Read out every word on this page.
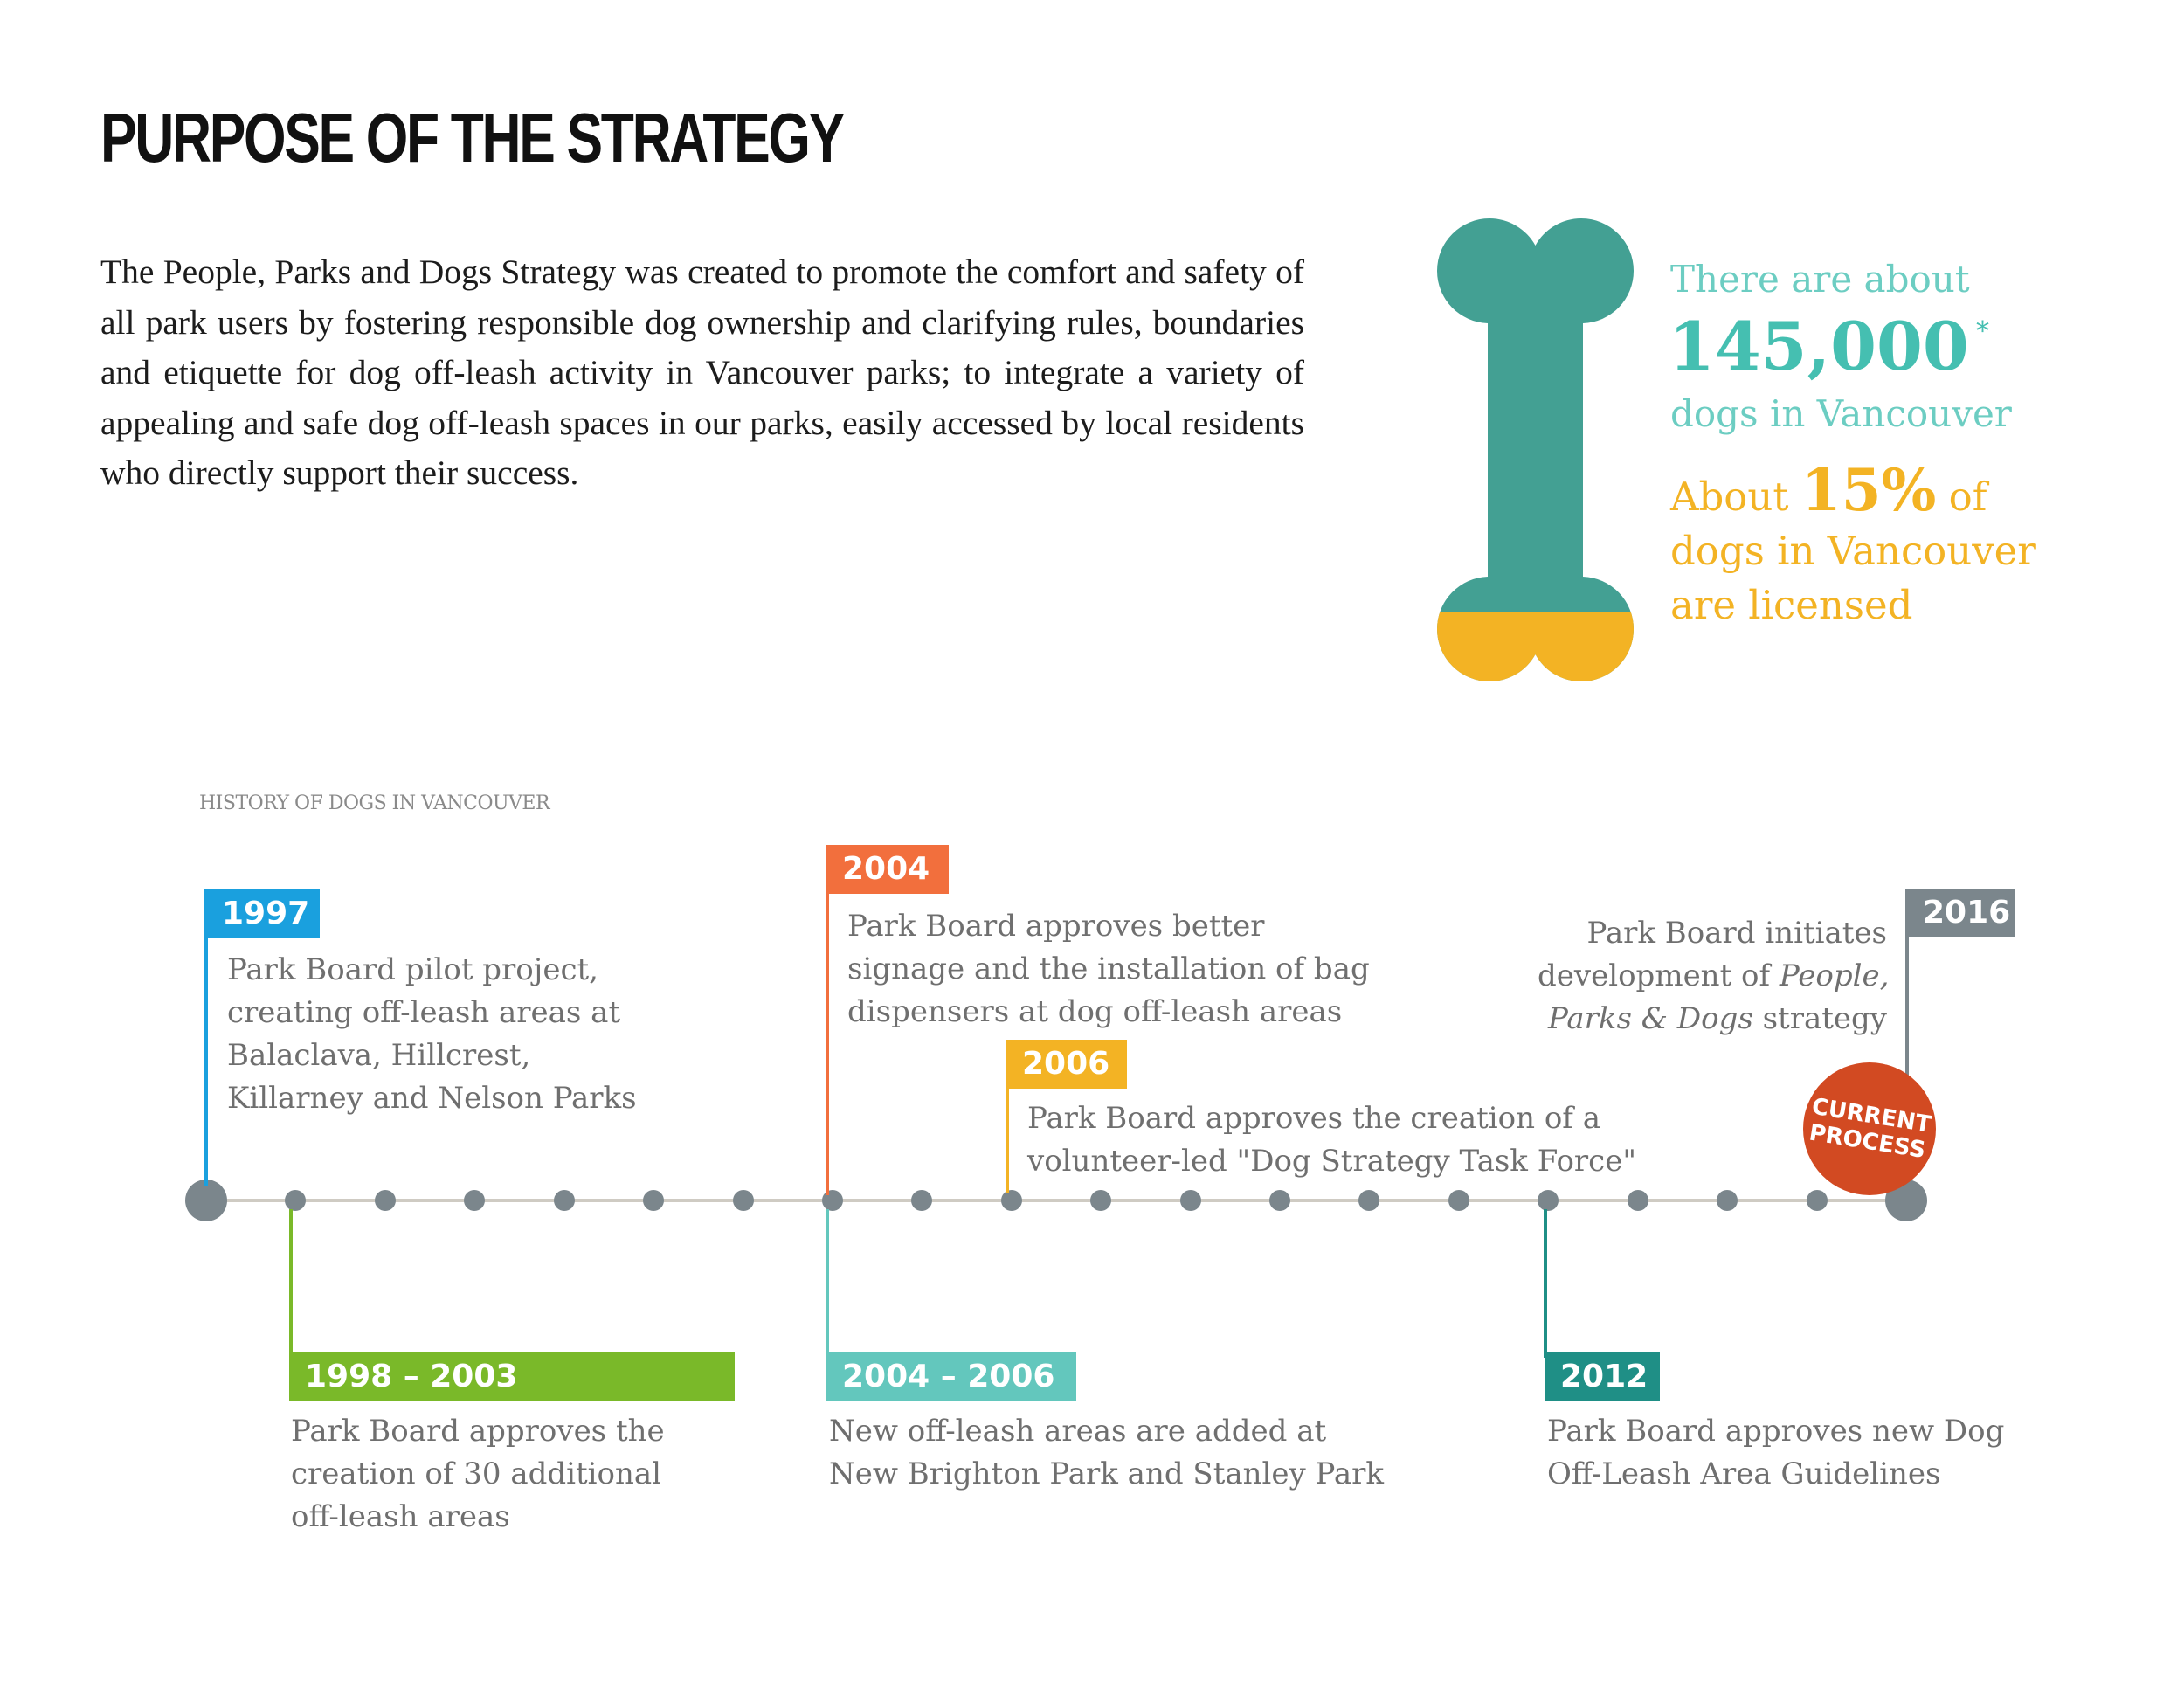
PURPOSE OF THE STRATEGY

The People, Parks and Dogs Strategy was created to promote the comfort and safety of all park users by fostering responsible dog ownership and clarifying rules, boundaries and etiquette for dog off-leash activity in Vancouver parks; to integrate a variety of appealing and safe dog off-leash spaces in our parks, easily accessed by local residents who directly support their success.

There are about
145,000 *
dogs in Vancouver
About 15% of
dogs in Vancouver
are licensed
HISTORY OF DOGS IN VANCOUVER
1997
Park Board pilot project,
creating off-leash areas at
Balaclava, Hillcrest,
Killarney and Nelson Parks
1998 – 2003
Park Board approves the
creation of 30 additional
off-leash areas
2004
Park Board approves better
signage and the installation of bag
dispensers at dog off-leash areas
2004 – 2006
New off-leash areas are added at
New Brighton Park and Stanley Park
2006
Park Board approves the creation of a
volunteer-led "Dog Strategy Task Force"
2012
Park Board approves new Dog
Off-Leash Area Guidelines
2016
Park Board initiates
development of People,
Parks & Dogs strategy
CURRENT
PROCESS
